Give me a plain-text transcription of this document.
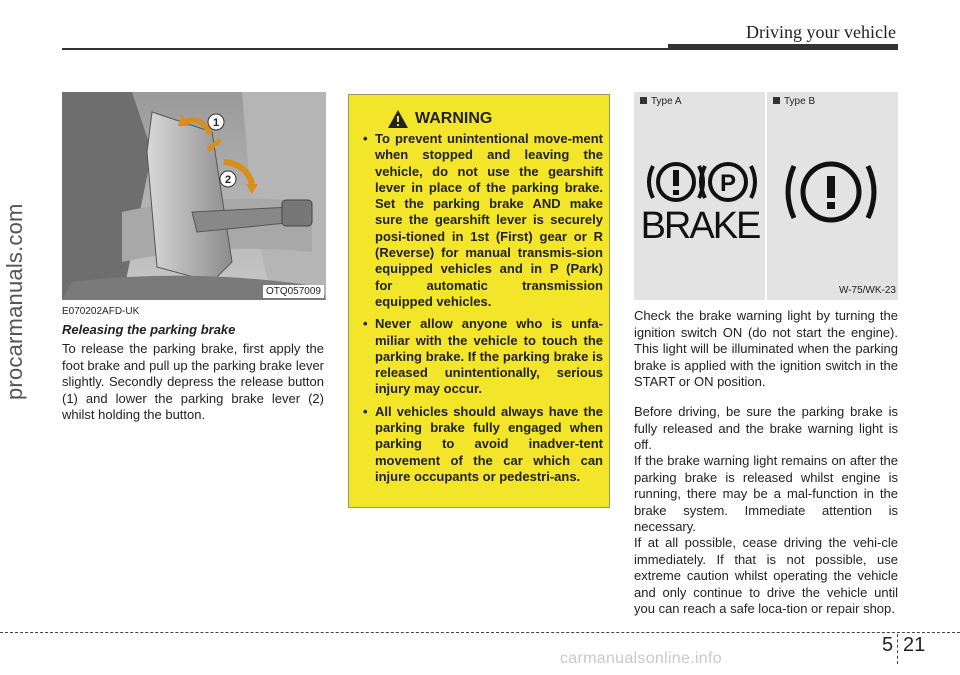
Driving your vehicle
procarmanuals.com
1
2
OTQ057009
E070202AFD-UK
Releasing the parking brake

To release the parking brake, first apply the foot brake and pull up the parking brake lever slightly. Secondly depress the release button (1) and lower the parking brake lever (2) whilst holding the button.

WARNING
• To prevent unintentional move-ment when stopped and leaving the vehicle, do not use the gearshift lever in place of the parking brake. Set the parking brake AND make sure the gearshift lever is securely posi-tioned in 1st (First) gear or R (Reverse) for manual transmis-sion equipped vehicles and in P (Park) for automatic transmission equipped vehicles.
• Never allow anyone who is unfa-miliar with the vehicle to touch the parking brake. If the parking brake is released unintentionally, serious injury may occur.
• All vehicles should always have the parking brake fully engaged when parking to avoid inadver-tent movement of the car which can injure occupants or pedestri-ans.
Type A
P
BRAKE
Type B
W-75/WK-23

Check the brake warning light by turning the ignition switch ON (do not start the engine). This light will be illuminated when the parking brake is applied with the ignition switch in the START or ON position.

Before driving, be sure the parking brake is fully released and the brake warning light is off.

If the brake warning light remains on after the parking brake is released whilst engine is running, there may be a mal-function in the brake system. Immediate attention is necessary.

If at all possible, cease driving the vehi-cle immediately. If that is not possible, use extreme caution whilst operating the vehicle and only continue to drive the vehicle until you can reach a safe loca-tion or repair shop.

5 21
carmanualsonline.info
